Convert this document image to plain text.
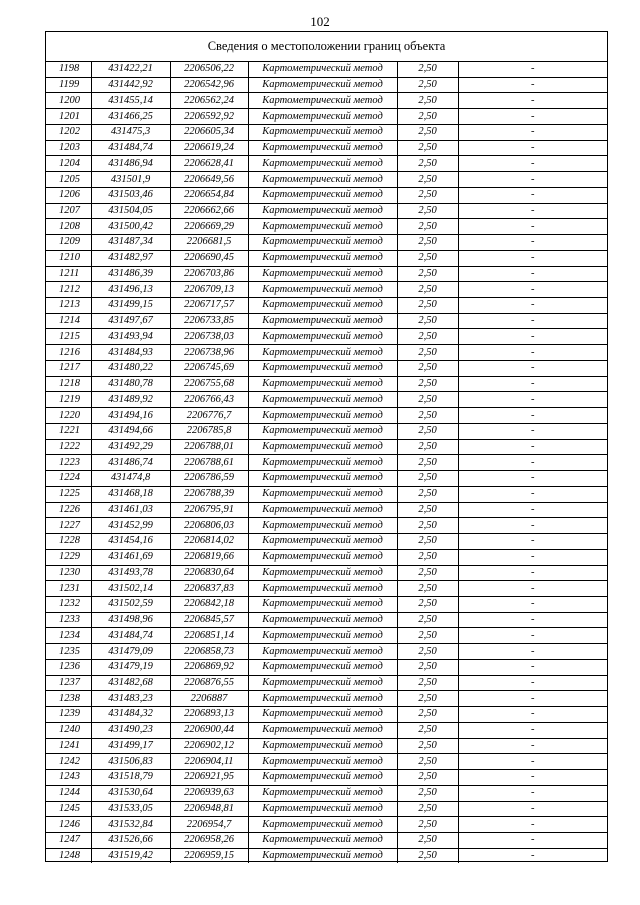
102
Сведения о местоположении границ объекта
1198	431422,21	2206506,22	Картометрический метод	2,50	-
1199	431442,92	2206542,96	Картометрический метод	2,50	-
1200	431455,14	2206562,24	Картометрический метод	2,50	-
1201	431466,25	2206592,92	Картометрический метод	2,50	-
1202	431475,3	2206605,34	Картометрический метод	2,50	-
1203	431484,74	2206619,24	Картометрический метод	2,50	-
1204	431486,94	2206628,41	Картометрический метод	2,50	-
1205	431501,9	2206649,56	Картометрический метод	2,50	-
1206	431503,46	2206654,84	Картометрический метод	2,50	-
1207	431504,05	2206662,66	Картометрический метод	2,50	-
1208	431500,42	2206669,29	Картометрический метод	2,50	-
1209	431487,34	2206681,5	Картометрический метод	2,50	-
1210	431482,97	2206690,45	Картометрический метод	2,50	-
1211	431486,39	2206703,86	Картометрический метод	2,50	-
1212	431496,13	2206709,13	Картометрический метод	2,50	-
1213	431499,15	2206717,57	Картометрический метод	2,50	-
1214	431497,67	2206733,85	Картометрический метод	2,50	-
1215	431493,94	2206738,03	Картометрический метод	2,50	-
1216	431484,93	2206738,96	Картометрический метод	2,50	-
1217	431480,22	2206745,69	Картометрический метод	2,50	-
1218	431480,78	2206755,68	Картометрический метод	2,50	-
1219	431489,92	2206766,43	Картометрический метод	2,50	-
1220	431494,16	2206776,7	Картометрический метод	2,50	-
1221	431494,66	2206785,8	Картометрический метод	2,50	-
1222	431492,29	2206788,01	Картометрический метод	2,50	-
1223	431486,74	2206788,61	Картометрический метод	2,50	-
1224	431474,8	2206786,59	Картометрический метод	2,50	-
1225	431468,18	2206788,39	Картометрический метод	2,50	-
1226	431461,03	2206795,91	Картометрический метод	2,50	-
1227	431452,99	2206806,03	Картометрический метод	2,50	-
1228	431454,16	2206814,02	Картометрический метод	2,50	-
1229	431461,69	2206819,66	Картометрический метод	2,50	-
1230	431493,78	2206830,64	Картометрический метод	2,50	-
1231	431502,14	2206837,83	Картометрический метод	2,50	-
1232	431502,59	2206842,18	Картометрический метод	2,50	-
1233	431498,96	2206845,57	Картометрический метод	2,50	-
1234	431484,74	2206851,14	Картометрический метод	2,50	-
1235	431479,09	2206858,73	Картометрический метод	2,50	-
1236	431479,19	2206869,92	Картометрический метод	2,50	-
1237	431482,68	2206876,55	Картометрический метод	2,50	-
1238	431483,23	2206887	Картометрический метод	2,50	-
1239	431484,32	2206893,13	Картометрический метод	2,50	-
1240	431490,23	2206900,44	Картометрический метод	2,50	-
1241	431499,17	2206902,12	Картометрический метод	2,50	-
1242	431506,83	2206904,11	Картометрический метод	2,50	-
1243	431518,79	2206921,95	Картометрический метод	2,50	-
1244	431530,64	2206939,63	Картометрический метод	2,50	-
1245	431533,05	2206948,81	Картометрический метод	2,50	-
1246	431532,84	2206954,7	Картометрический метод	2,50	-
1247	431526,66	2206958,26	Картометрический метод	2,50	-
1248	431519,42	2206959,15	Картометрический метод	2,50	-
